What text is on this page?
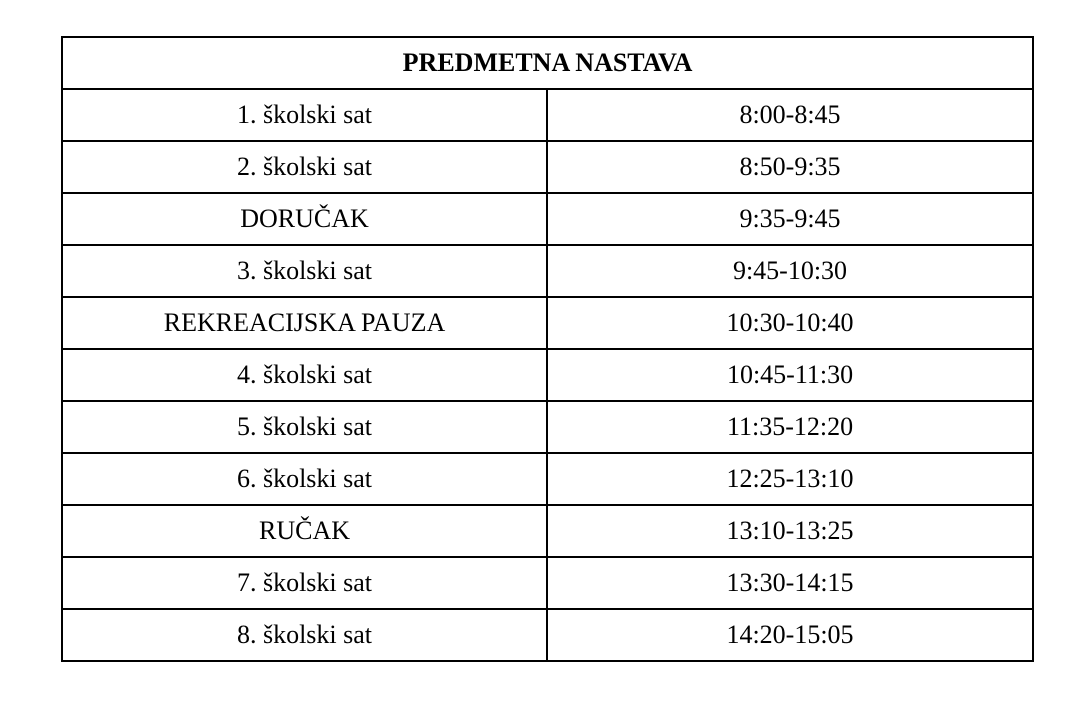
PREDMETNA NASTAVA	
1. školski sat	8:00-8:45
2. školski sat	8:50-9:35
DORUČAK	9:35-9:45
3. školski sat	9:45-10:30
REKREACIJSKA PAUZA	10:30-10:40
4. školski sat	10:45-11:30
5. školski sat	11:35-12:20
6. školski sat	12:25-13:10
RUČAK	13:10-13:25
7. školski sat	13:30-14:15
8. školski sat	14:20-15:05
